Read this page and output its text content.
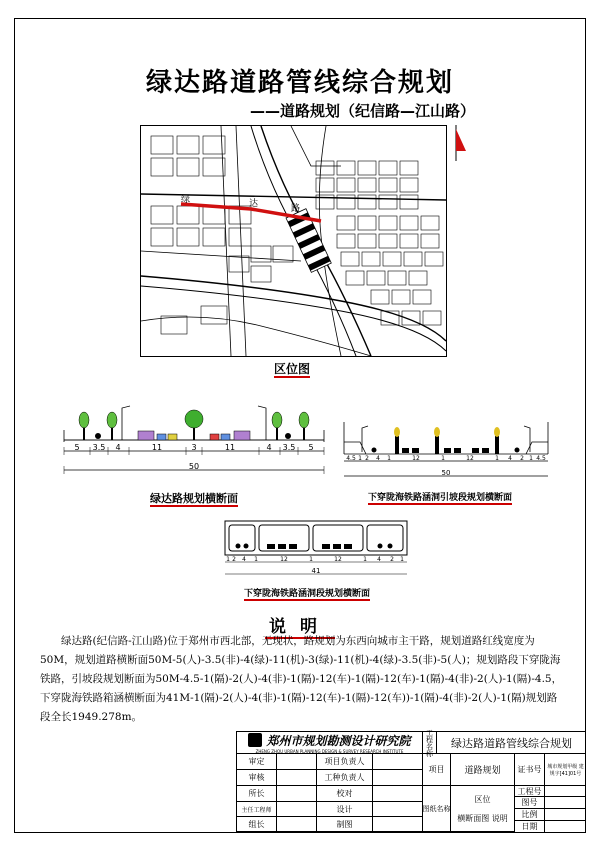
绿达路道路管线综合规划
——道路规划（纪信路—江山路）
绿	达	路
区位图
5 3.5 4	11	3	11	4 3.5 5
50
绿达路规划横断面
4.5 1 2 4 1	12	1	12	1 4 2 1 4.5
50
下穿陇海铁路涵洞引坡段规划横断面
1 2 4 1	12	1	12	1 4 2 1
41
下穿陇海铁路涵洞段规划横断面
说明
绿达路(纪信路-江山路)位于郑州市西北部，无现状，路规划为东西向城市主干路，规划道路红线宽度为50M，规划道路横断面50M-5(人)-3.5(非)-4(绿)-11(机)-3(绿)-11(机)-4(绿)-3.5(非)-5(人)；规划路段下穿陇海铁路，引坡段规划断面为50M-4.5-1(隔)-2(人)-4(非)-1(隔)-12(车)-1(隔)-12(车)-1(隔)-4(非)-2(人)-1(隔)-4.5，下穿陇海铁路箱涵横断面为41M-1(隔)-2(人)-4(非)-1(隔)-12(车)-1(隔)-12(车))-1(隔)-4(非)-2(人)-1(隔)规划路段全长1949.278m。
郑州市规划勘测设计研究院
ZHENG ZHOU URBAN PLANNING DESIGN & SURVEY RESEARCH INSTITUTE	工程名称	绿达路道路管线综合规划
审定	项目负责人
审核	工种负责人
所长	校对
主任工程师	设计
组长	制图
项目	道路规划
图纸名称
区位
横断面图 说明
证书号	城市规划甲级 建规字[41]01号
工程号
图号
比例
日期
